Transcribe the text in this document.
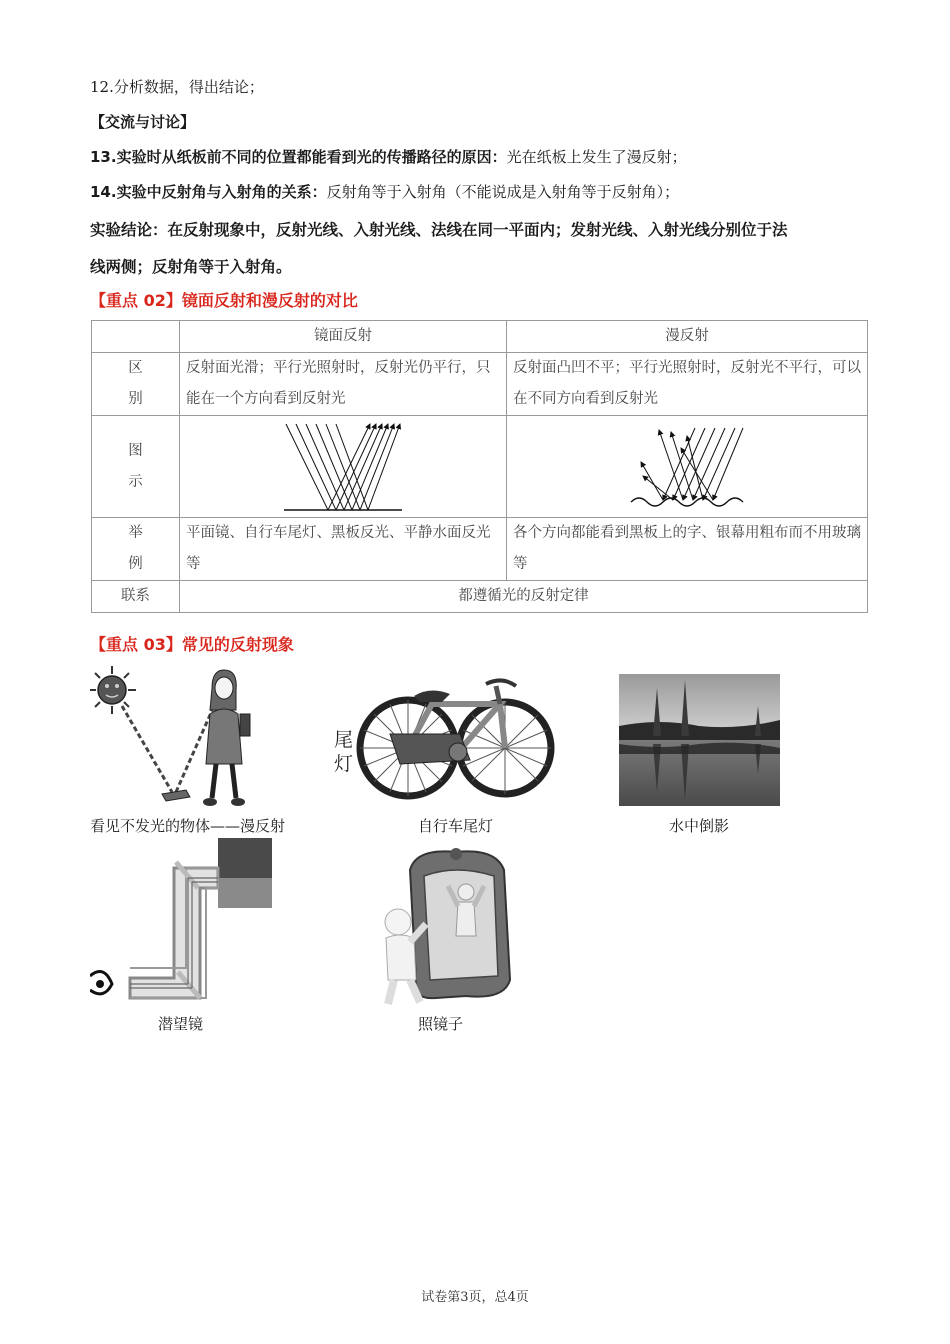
12.分析数据，得出结论；
【交流与讨论】
13.实验时从纸板前不同的位置都能看到光的传播路径的原因：光在纸板上发生了漫反射；
14.实验中反射角与入射角的关系：反射角等于入射角（不能说成是入射角等于反射角）；
实验结论：在反射现象中，反射光线、入射光线、法线在同一平面内；发射光线、入射光线分别位于法
线两侧；反射角等于入射角。
【重点 02】镜面反射和漫反射的对比
	镜面反射	漫反射

区
别	反射面光滑；平行光照射时，反射光仍平行，只能在一个方向看到反射光	反射面凸凹不平；平行光照射时，反射光不平行，可以在不同方向看到反射光

图
示

举
例	平面镜、自行车尾灯、黑板反光、平静水面反光等	各个方向都能看到黑板上的字、银幕用粗布而不用玻璃等
联系	都遵循光的反射定律	
【重点 03】常见的反射现象
尾
灯
看见不发光的物体——漫反射	自行车尾灯	水中倒影
潜望镜	照镜子
试卷第3页，总4页
